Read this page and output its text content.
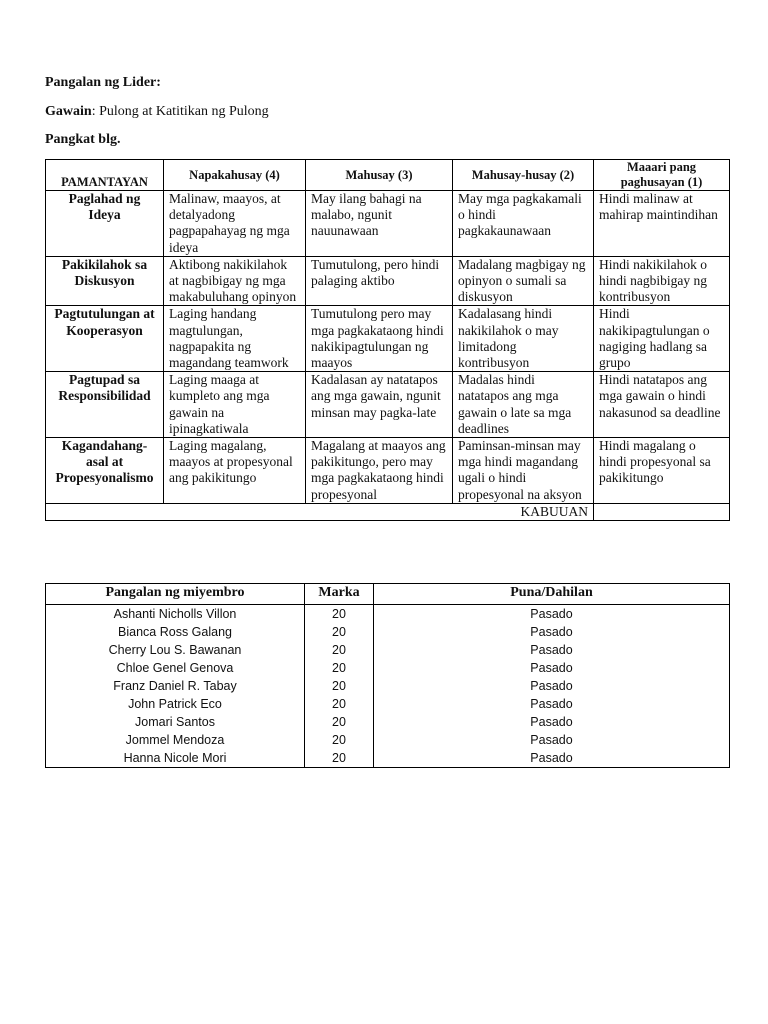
Pangalan ng Lider:
Gawain: Pulong at Katitikan ng Pulong
Pangkat blg.
PAMANTAYAN	Napakahusay (4)	Mahusay (3)	Mahusay-husay (2)	Maaari pang paghusayan (1)
Paglahad ng Ideya	Malinaw, maayos, at detalyadong pagpapahayag ng mga ideya	May ilang bahagi na malabo, ngunit nauunawaan	May mga pagkakamali o hindi pagkakaunawaan	Hindi malinaw at mahirap maintindihan
Pakikilahok sa Diskusyon	Aktibong nakikilahok at nagbibigay ng mga makabuluhang opinyon	Tumutulong, pero hindi palaging aktibo	Madalang magbigay ng opinyon o sumali sa diskusyon	Hindi nakikilahok o hindi nagbibigay ng kontribusyon
Pagtutulungan at Kooperasyon	Laging handang magtulungan, nagpapakita ng magandang teamwork	Tumutulong pero may mga pagkakataong hindi nakikipagtulungan ng maayos	Kadalasang hindi nakikilahok o may limitadong kontribusyon	Hindi nakikipagtulungan o nagiging hadlang sa grupo
Pagtupad sa Responsibilidad	Laging maaga at kumpleto ang mga gawain na ipinagkatiwala	Kadalasan ay natatapos ang mga gawain, ngunit minsan may pagka-late	Madalas hindi natatapos ang mga gawain o late sa mga deadlines	Hindi natatapos ang mga gawain o hindi nakasunod sa deadline
Kagandahang-asal at Propesyonalismo	Laging magalang, maayos at propesyonal ang pakikitungo	Magalang at maayos ang pakikitungo, pero may mga pagkakataong hindi propesyonal	Paminsan-minsan may mga hindi magandang ugali o hindi propesyonal na aksyon	Hindi magalang o hindi propesyonal sa pakikitungo
KABUUAN				
Pangalan ng miyembro	Marka	Puna/Dahilan
Ashanti Nicholls Villon	20	Pasado
Bianca Ross Galang	20	Pasado
Cherry Lou S. Bawanan	20	Pasado
Chloe Genel Genova	20	Pasado
Franz Daniel R. Tabay	20	Pasado
John Patrick Eco	20	Pasado
Jomari Santos	20	Pasado
Jommel Mendoza	20	Pasado
Hanna Nicole Mori	20	Pasado
